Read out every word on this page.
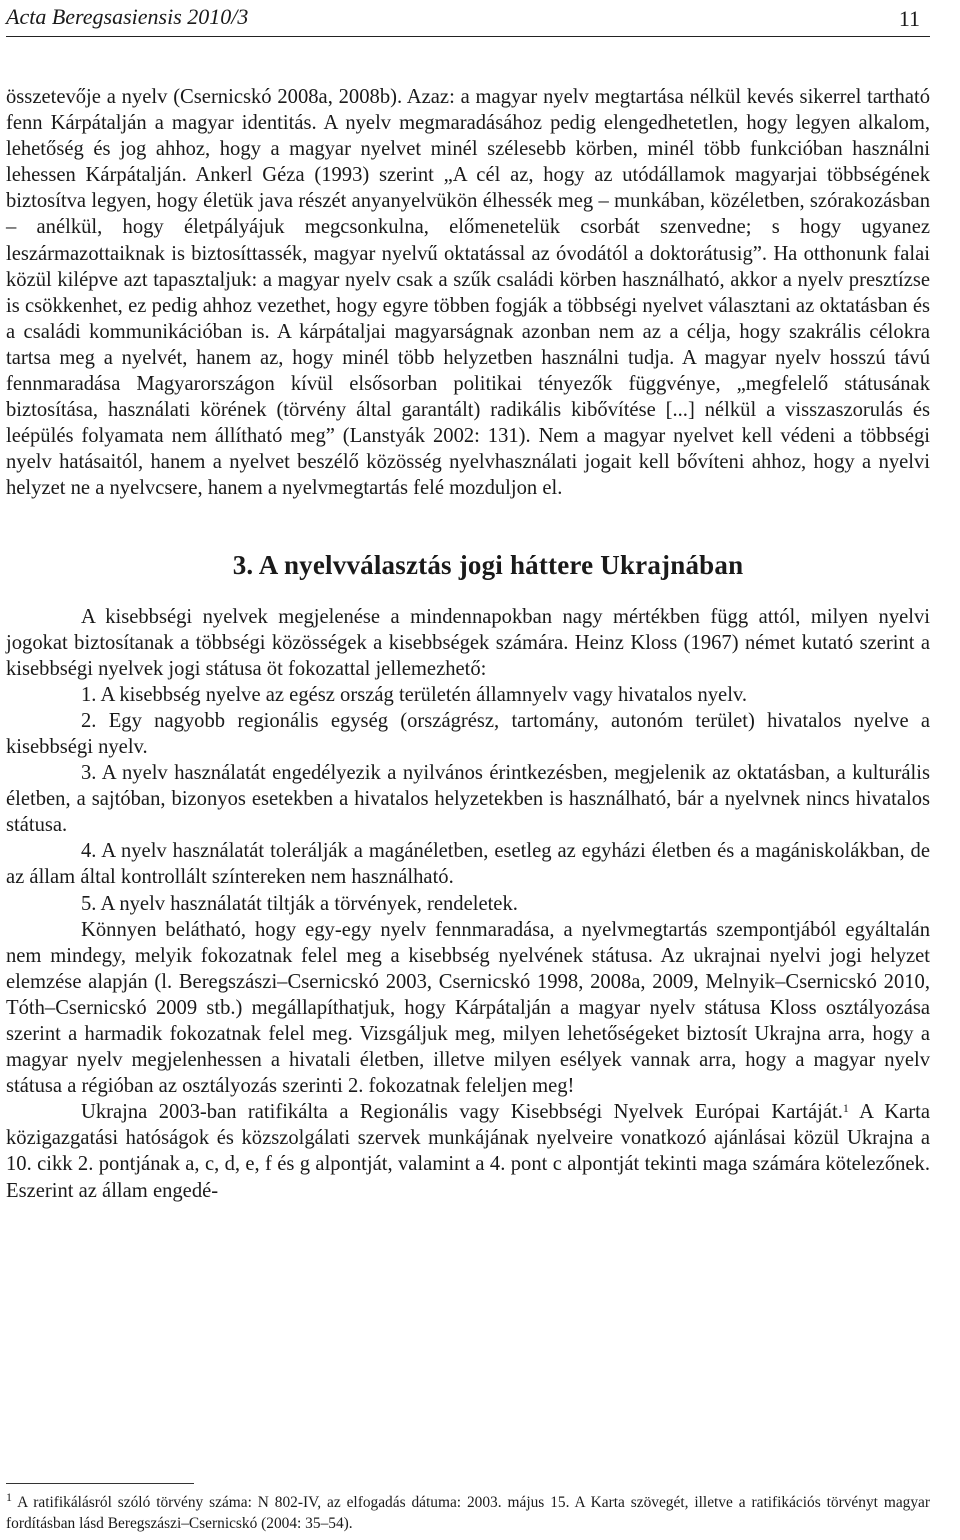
Acta Beregsasiensis 2010/3	11

összetevője a nyelv (Csernicskó 2008a, 2008b). Azaz: a magyar nyelv megtartása nélkül kevés sikerrel tartható fenn Kárpátalján a magyar identitás. A nyelv megmaradásához pedig elengedhetetlen, hogy legyen alkalom, lehetőség és jog ahhoz, hogy a magyar nyelvet minél szélesebb körben, minél több funkcióban használni lehessen Kárpátalján. Ankerl Géza (1993) szerint „A cél az, hogy az utódállamok magyarjai többségének biztosítva legyen, hogy életük java részét anyanyelvükön élhessék meg – munkában, közéletben, szórakozásban – anélkül, hogy életpályájuk megcsonkulna, előmenetelük csorbát szenvedne; s hogy ugyanez leszármazottaiknak is biztosíttassék, magyar nyelvű oktatással az óvodától a doktorátusig”. Ha otthonunk falai közül kilépve azt tapasztaljuk: a magyar nyelv csak a szűk családi körben használható, akkor a nyelv presztízse is csökkenhet, ez pedig ahhoz vezethet, hogy egyre többen fogják a többségi nyelvet választani az oktatásban és a családi kommunikációban is. A kárpátaljai magyarságnak azonban nem az a célja, hogy szakrális célokra tartsa meg a nyelvét, hanem az, hogy minél több helyzetben használni tudja. A magyar nyelv hosszú távú fennmaradása Magyarországon kívül elsősorban politikai tényezők függvénye, „megfelelő státusának biztosítása, használati körének (törvény által garantált) radikális kibővítése [...] nélkül a visszaszorulás és leépülés folyamata nem állítható meg” (Lanstyák 2002: 131). Nem a magyar nyelvet kell védeni a többségi nyelv hatásaitól, hanem a nyelvet beszélő közösség nyelvhasználati jogait kell bővíteni ahhoz, hogy a nyelvi helyzet ne a nyelvcsere, hanem a nyelvmegtartás felé mozduljon el.

3. A nyelvválasztás jogi háttere Ukrajnában

A kisebbségi nyelvek megjelenése a mindennapokban nagy mértékben függ attól, milyen nyelvi jogokat biztosítanak a többségi közösségek a kisebbségek számára. Heinz Kloss (1967) német kutató szerint a kisebbségi nyelvek jogi státusa öt fokozattal jellemezhető:

1. A kisebbség nyelve az egész ország területén államnyelv vagy hivatalos nyelv.

2. Egy nagyobb regionális egység (országrész, tartomány, autonóm terület) hivatalos nyelve a kisebbségi nyelv.

3. A nyelv használatát engedélyezik a nyilvános érintkezésben, megjelenik az oktatásban, a kulturális életben, a sajtóban, bizonyos esetekben a hivatalos helyzetekben is használható, bár a nyelvnek nincs hivatalos státusa.

4. A nyelv használatát tolerálják a magánéletben, esetleg az egyházi életben és a magániskolákban, de az állam által kontrollált színtereken nem használható.

5. A nyelv használatát tiltják a törvények, rendeletek.

Könnyen belátható, hogy egy-egy nyelv fennmaradása, a nyelvmegtartás szempontjából egyáltalán nem mindegy, melyik fokozatnak felel meg a kisebbség nyelvének státusa. Az ukrajnai nyelvi jogi helyzet elemzése alapján (l. Beregszászi–Csernicskó 2003, Csernicskó 1998, 2008a, 2009, Melnyik–Csernicskó 2010, Tóth–Csernicskó 2009 stb.) megállapíthatjuk, hogy Kárpátalján a magyar nyelv státusa Kloss osztályozása szerint a harmadik fokozatnak felel meg. Vizsgáljuk meg, milyen lehetőségeket biztosít Ukrajna arra, hogy a magyar nyelv megjelenhessen a hivatali életben, illetve milyen esélyek vannak arra, hogy a magyar nyelv státusa a régióban az osztályozás szerinti 2. fokozatnak feleljen meg!

Ukrajna 2003-ban ratifikálta a Regionális vagy Kisebbségi Nyelvek Európai Kartáját.$^1$ A Karta közigazgatási hatóságok és közszolgálati szervek munkájának nyelveire vonatkozó ajánlásai közül Ukrajna a 10. cikk 2. pontjának a, c, d, e, f és g alpontját, valamint a 4. pont c alpontját tekinti maga számára kötelezőnek. Eszerint az állam engedé-

$^1$ A ratifikálásról szóló törvény száma: N 802-IV, az elfogadás dátuma: 2003. május 15. A Karta szövegét, illetve a ratifikációs törvényt magyar fordításban lásd Beregszászi–Csernicskó (2004: 35–54).
